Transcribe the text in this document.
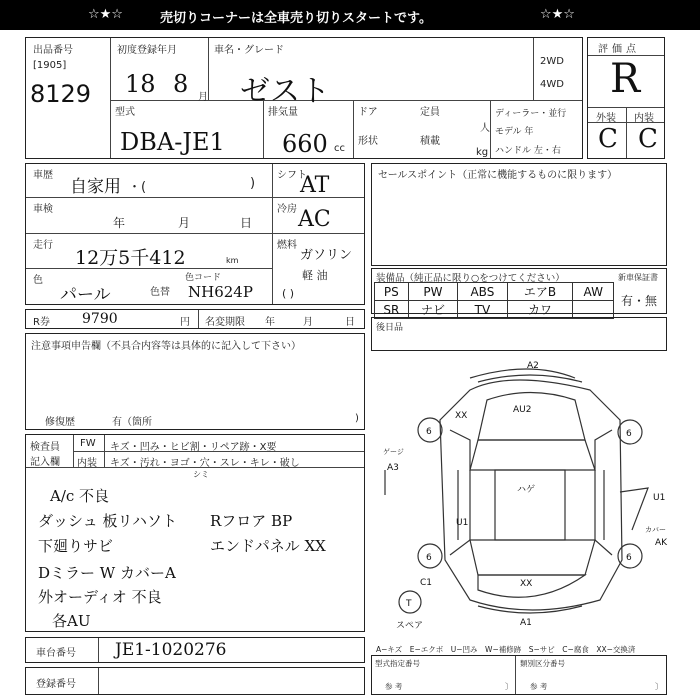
☆★☆	売切りコーナーは全車売り切りスタートです。	☆★☆
出品番号
[1905]
8129
初度登録年月
18 8 月
車名・グレード
ゼスト
2WD
4WD
型式
DBA-JE1
排気量
660 cc
ドア	定員
人
形状	積載
kg
ディーラー・並行
モデル 年
ハンドル 左・右
評価点
R
外装 内装
C C
車歴
自家用 ・(	)
車検
年	月	日
走行
12万5千412	km
色
パール	色替
色コード
NH624P
シフト
AT
冷房 AC
燃料
ガソリン
軽 油
( )
セールスポイント（正常に機能するものに限ります）
装備品（純正品に限り○をつけてください）	新車保証書
有・無
PS	PW	ABS	エアB	AW
SR	ナビ	TV	カワ	
R券 9790	円 名変期限 年	月	日 後日品
注意事項申告欄（不具合内容等は具体的に記入して下さい）
修復歴	有（箇所	)
検査員
記入欄
FW キズ・凹み・ヒビ割・リペア跡・X要
内装 キズ・汚れ・ヨゴ・穴・スレ・キレ・破し
シミ
A/c 不良
ダッシュ 板リハソト
下廻りサビ
Dミラー W カバーA
外オーディオ 不良
各AU
Rフロア BP
エンドパネル XX
車台番号 JE1-1020276
登録番号
A−キズ　E−エクボ　U−凹み　W−補修跡　S−サビ　C−腐食　XX−交換済
型式指定番号
参 考	〕
類別区分番号
参 考	〕
A2
XX
AU2
6	6
A3
ゲージ
ハゲ
U1
U1
6	6
AK
カバー
C1
T
スペア
XX
A1
